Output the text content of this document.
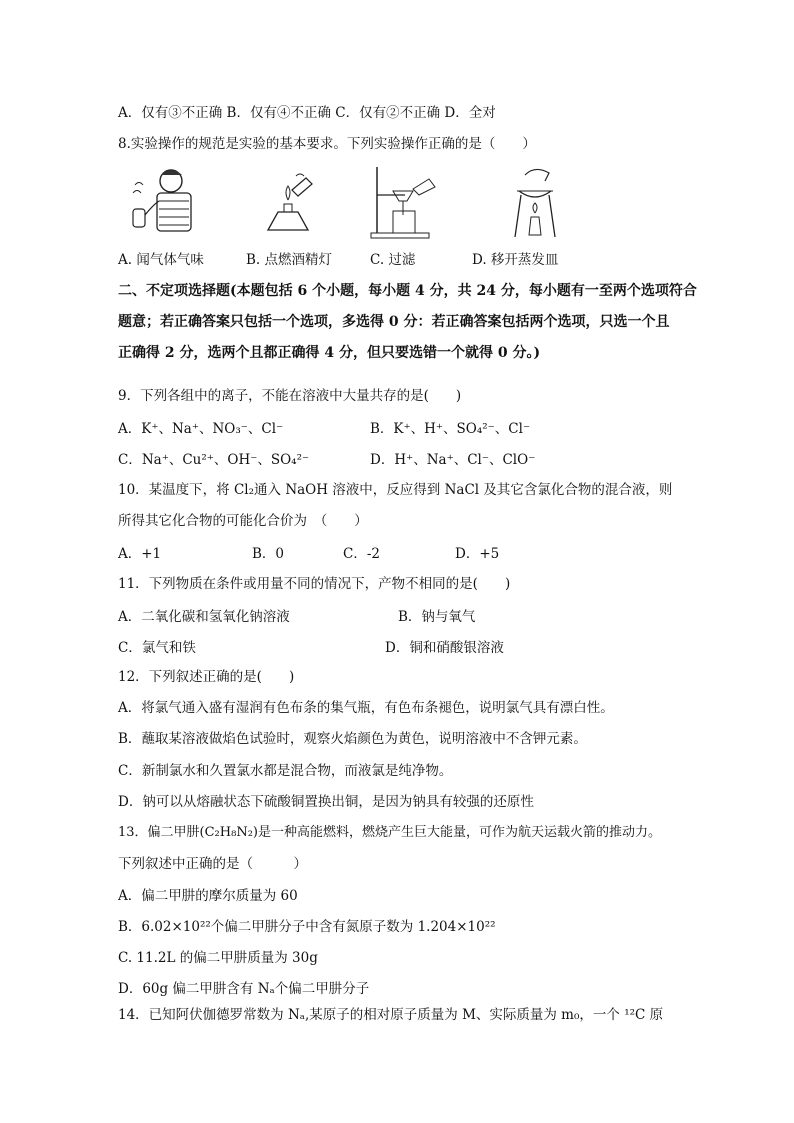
A．仅有③不正确 B．仅有④不正确 C．仅有②不正确 D．全对
8.实验操作的规范是实验的基本要求。下列实验操作正确的是（　　）
A. 闻气体气味	B. 点燃酒精灯	C. 过滤	D. 移开蒸发皿
二、不定项选择题(本题包括 6 个小题，每小题 4 分，共 24 分，每小题有一至两个选项符合
题意；若正确答案只包括一个选项，多选得 0 分：若正确答案包括两个选项，只选一个且
正确得 2 分，选两个且都正确得 4 分，但只要选错一个就得 0 分。)
9．下列各组中的离子，不能在溶液中大量共存的是(　　)
A．K⁺、Na⁺、NO₃⁻、Cl⁻	B．K⁺、H⁺、SO₄²⁻、Cl⁻
C．Na⁺、Cu²⁺、OH⁻、SO₄²⁻	D．H⁺、Na⁺、Cl⁻、ClO⁻
10．某温度下，将 Cl₂通入 NaOH 溶液中，反应得到 NaCl 及其它含氯化合物的混合液，则
所得其它化合物的可能化合价为　（　　）
A．+1	B．0	C．-2	D．+5
11．下列物质在条件或用量不同的情况下，产物不相同的是(　　)
A．二氧化碳和氢氧化钠溶液	B．钠与氧气
C．氯气和铁	D．铜和硝酸银溶液
12．下列叙述正确的是(　　)
A．将氯气通入盛有湿润有色布条的集气瓶，有色布条褪色，说明氯气具有漂白性。
B．蘸取某溶液做焰色试验时，观察火焰颜色为黄色，说明溶液中不含钾元素。
C．新制氯水和久置氯水都是混合物，而液氯是纯净物。
D．钠可以从熔融状态下硫酸铜置换出铜，是因为钠具有较强的还原性
13．偏二甲肼(C₂H₈N₂)是一种高能燃料，燃烧产生巨大能量，可作为航天运载火箭的推动力。
下列叙述中正确的是（　　　）
A．偏二甲肼的摩尔质量为 60
B．6.02×10²²个偏二甲肼分子中含有氮原子数为 1.204×10²²
C. 11.2L 的偏二甲肼质量为 30g
D．60g 偏二甲肼含有 Nₐ个偏二甲肼分子
14．已知阿伏伽德罗常数为 Nₐ,某原子的相对原子质量为 M、实际质量为 m₀，一个 ¹²C 原
